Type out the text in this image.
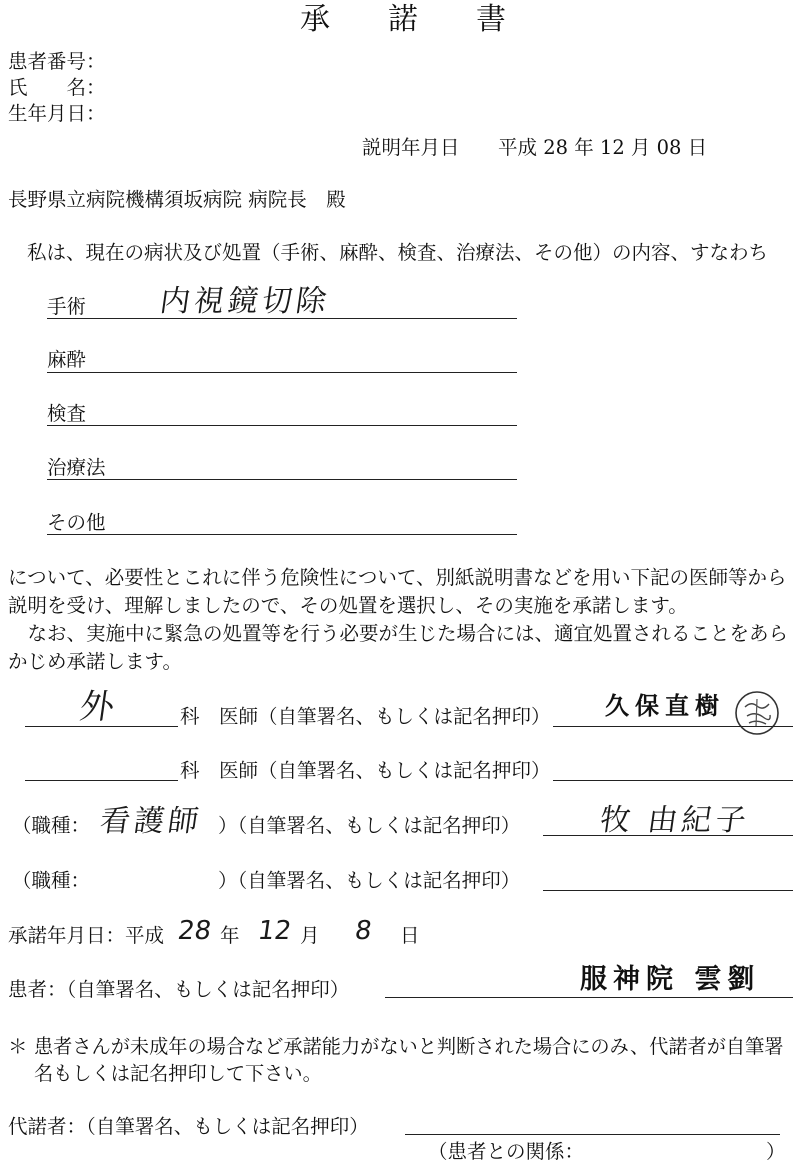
承諾書
患者番号：
氏　　名：
生年月日：
説明年月日 平成 28 年 12 月 08 日
長野県立病院機構須坂病院 病院長　殿
私は、現在の病状及び処置（手術、麻酔、検査、治療法、その他）の内容、すなわち
手術 内視鏡切除
麻酔
検査
治療法
その他
について、必要性とこれに伴う危険性について、別紙説明書などを用い下記の医師等から
説明を受け、理解しましたので、その処置を選択し、その実施を承諾します。
　なお、実施中に緊急の処置等を行う必要が生じた場合には、適宜処置されることをあら
かじめ承諾します。
外	科　医師（自筆署名、もしくは記名押印） 久保直樹
科　医師（自筆署名、もしくは記名押印）
（職種： 看護師 ）（自筆署名、もしくは記名押印）	牧 由紀子
（職種：	）（自筆署名、もしくは記名押印）
承諾年月日：平成 28 年 12 月 8 日
患者：（自筆署名、もしくは記名押印）	服神院 雲劉
＊ 患者さんが未成年の場合など承諾能力がないと判断された場合にのみ、代諾者が自筆署
名もしくは記名押印して下さい。
代諾者：（自筆署名、もしくは記名押印）
（患者との関係：	）
